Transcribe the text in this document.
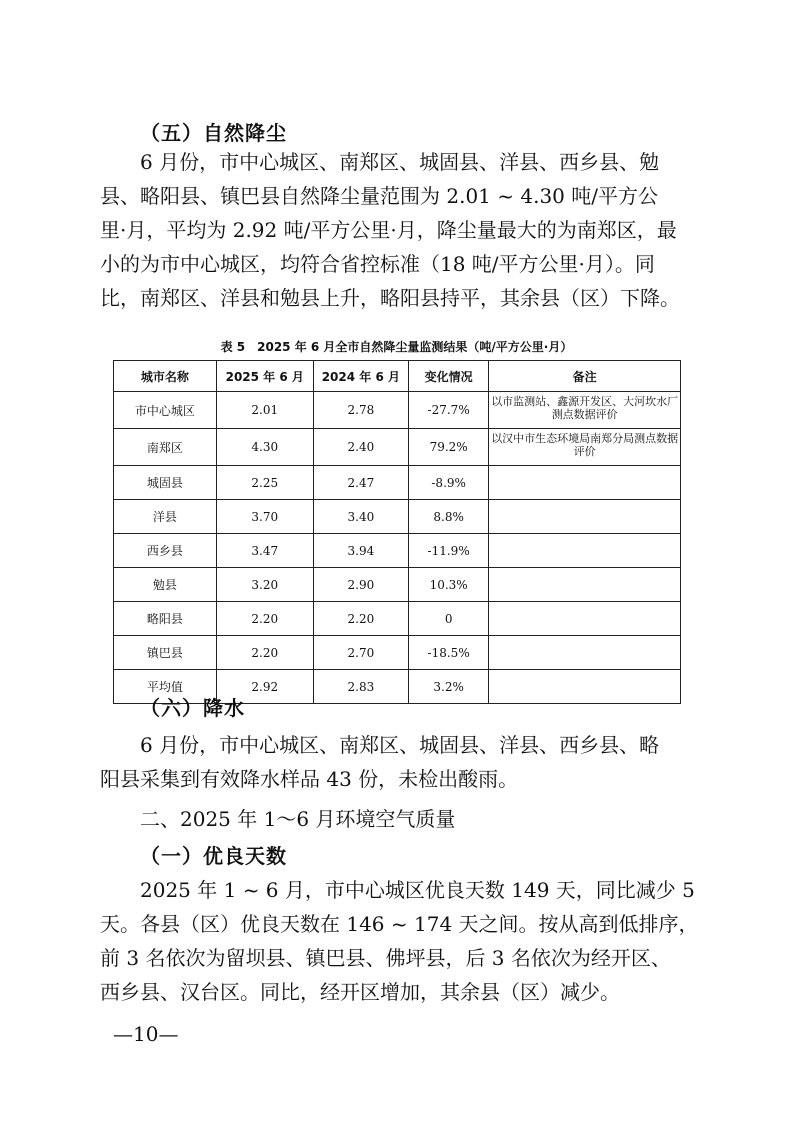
（五）自然降尘
6 月份，市中心城区、南郑区、城固县、洋县、西乡县、勉
县、略阳县、镇巴县自然降尘量范围为 2.01 ~ 4.30 吨/平方公
里·月，平均为 2.92 吨/平方公里·月，降尘量最大的为南郑区，最
小的为市中心城区，均符合省控标准（18 吨/平方公里·月）。同
比，南郑区、洋县和勉县上升，略阳县持平，其余县（区）下降。
表 5　2025 年 6 月全市自然降尘量监测结果（吨/平方公里·月）
城市名称	2025 年 6 月	2024 年 6 月	变化情况	备注
市中心城区	2.01	2.78	-27.7%	以市监测站、鑫源开发区、大河坎水厂测点数据评价
南郑区	4.30	2.40	79.2%	以汉中市生态环境局南郑分局测点数据评价
城固县	2.25	2.47	-8.9%	
洋县	3.70	3.40	8.8%	
西乡县	3.47	3.94	-11.9%	
勉县	3.20	2.90	10.3%	
略阳县	2.20	2.20	0	
镇巴县	2.20	2.70	-18.5%	
平均值	2.92	2.83	3.2%	
（六）降水
6 月份，市中心城区、南郑区、城固县、洋县、西乡县、略
阳县采集到有效降水样品 43 份，未检出酸雨。
二、2025 年 1～6 月环境空气质量
（一）优良天数
2025 年 1 ~ 6 月，市中心城区优良天数 149 天，同比减少 5
天。各县（区）优良天数在 146 ~ 174 天之间。按从高到低排序，
前 3 名依次为留坝县、镇巴县、佛坪县，后 3 名依次为经开区、
西乡县、汉台区。同比，经开区增加，其余县（区）减少。
—10—
